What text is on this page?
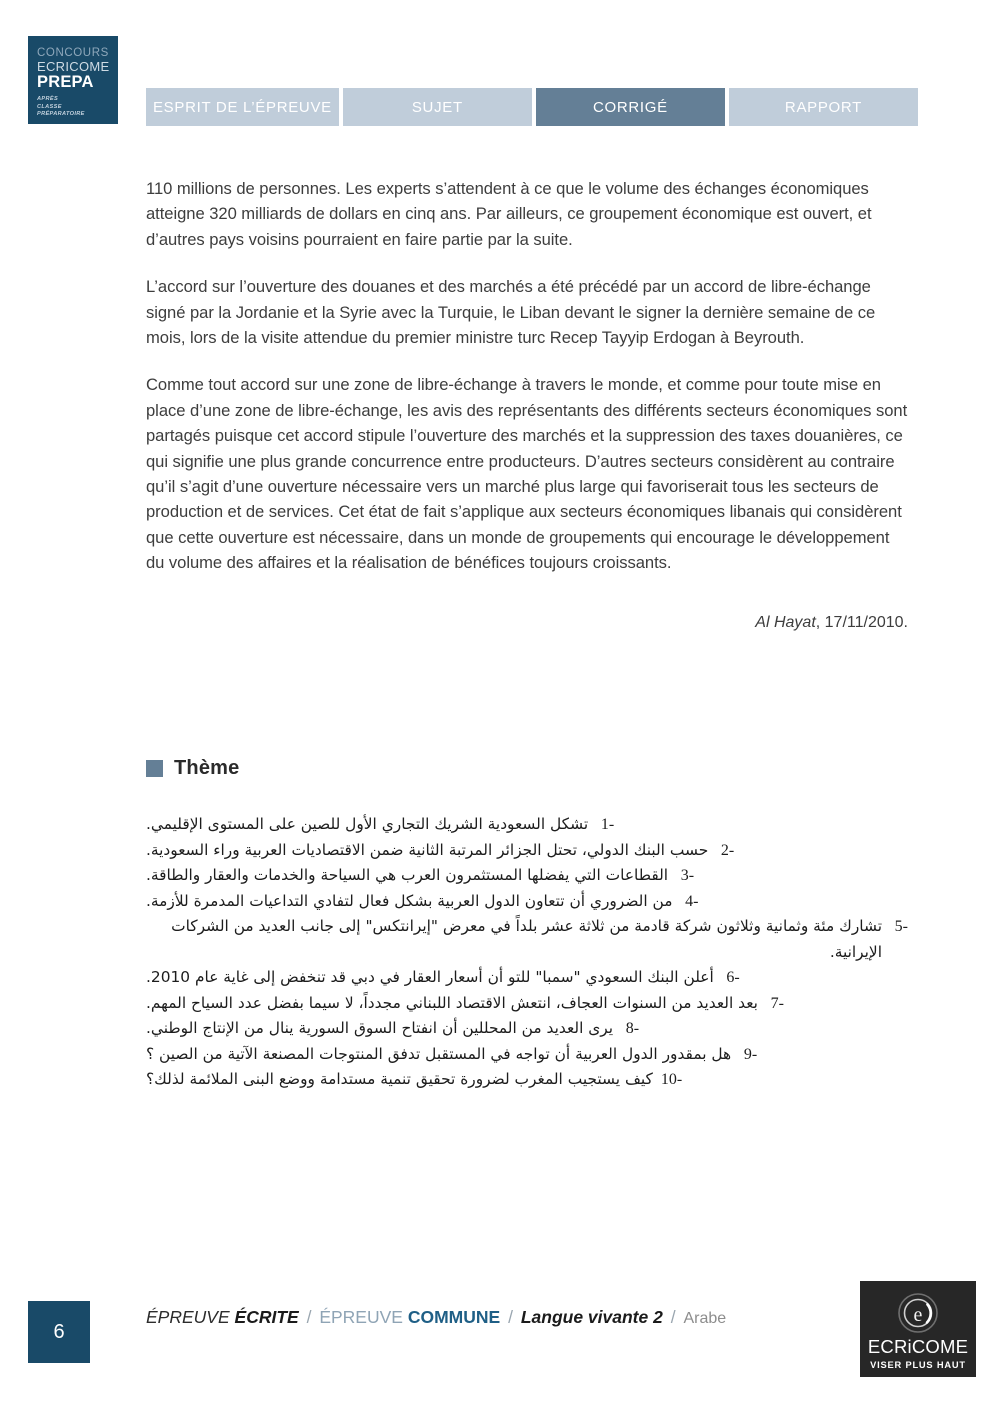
CONCOURS
ECRICOME
PREPA
APRÈS
CLASSE PRÉPARATOIRE	ESPRIT DE L’ÉPREUVE	SUJET	CORRIGÉ	RAPPORT

110 millions de personnes. Les experts s’attendent à ce que le volume des échanges économiques atteigne 320 milliards de dollars en cinq ans. Par ailleurs, ce groupement économique est ouvert, et d’autres pays voisins pourraient en faire partie par la suite.

L’accord sur l’ouverture des douanes et des marchés a été précédé par un accord de libre-échange signé par la Jordanie et la Syrie avec la Turquie, le Liban devant le signer la dernière semaine de ce mois, lors de la visite attendue du premier ministre turc Recep Tayyip Erdogan à Beyrouth.

Comme tout accord sur une zone de libre-échange à travers le monde, et comme pour toute mise en place d’une zone de libre-échange, les avis des représentants des différents secteurs économiques sont partagés puisque cet accord stipule l’ouverture des marchés et la suppression des taxes douanières, ce qui signifie une plus grande concurrence entre producteurs. D’autres secteurs considèrent au contraire qu’il s’agit d’une ouverture nécessaire vers un marché plus large qui favoriserait tous les secteurs de production et de services. Cet état de fait s’applique aux secteurs économiques libanais qui considèrent que cette ouverture est nécessaire, dans un monde de groupements qui encourage le développement du volume des affaires et la réalisation de bénéfices toujours croissants.

Al Hayat, 17/11/2010.
Thème
1-
تشكل السعودية الشريك التجاري الأول للصين على المستوى الإقليمي.
2-
حسب البنك الدولي، تحتل الجزائر المرتبة الثانية ضمن الاقتصاديات العربية وراء السعودية.
3-
القطاعات التي يفضلها المستثمرون العرب هي السياحة والخدمات والعقار والطاقة.
4-
من الضروري أن تتعاون الدول العربية بشكل فعال لتفادي التداعيات المدمرة للأزمة.
5-
تشارك مئة وثمانية وثلاثون شركة قادمة من ثلاثة عشر بلداً في معرض "إيرانتكس" إلى جانب العديد من الشركات الإيرانية.
6-
أعلن البنك السعودي "سمبا" للتو أن أسعار العقار في دبي قد تنخفض إلى غاية عام 2010.
7-
بعد العديد من السنوات العجاف، انتعش الاقتصاد اللبناني مجدداً، لا سيما بفضل عدد السياح المهم.
8-
يرى العديد من المحللين أن انفتاح السوق السورية ينال من الإنتاج الوطني.
9-
هل بمقدور الدول العربية أن تواجه في المستقبل تدفق المنتوجات المصنعة الآتية من الصين ؟
10-
كيف يستجيب المغرب لضرورة تحقيق تنمية مستدامة ووضع البنى الملائمة لذلك؟
6
ÉPREUVE ÉCRITE / ÉPREUVE COMMUNE / Langue vivante 2 / Arabe	e
ECRiCOME
VISER PLUS HAUT
